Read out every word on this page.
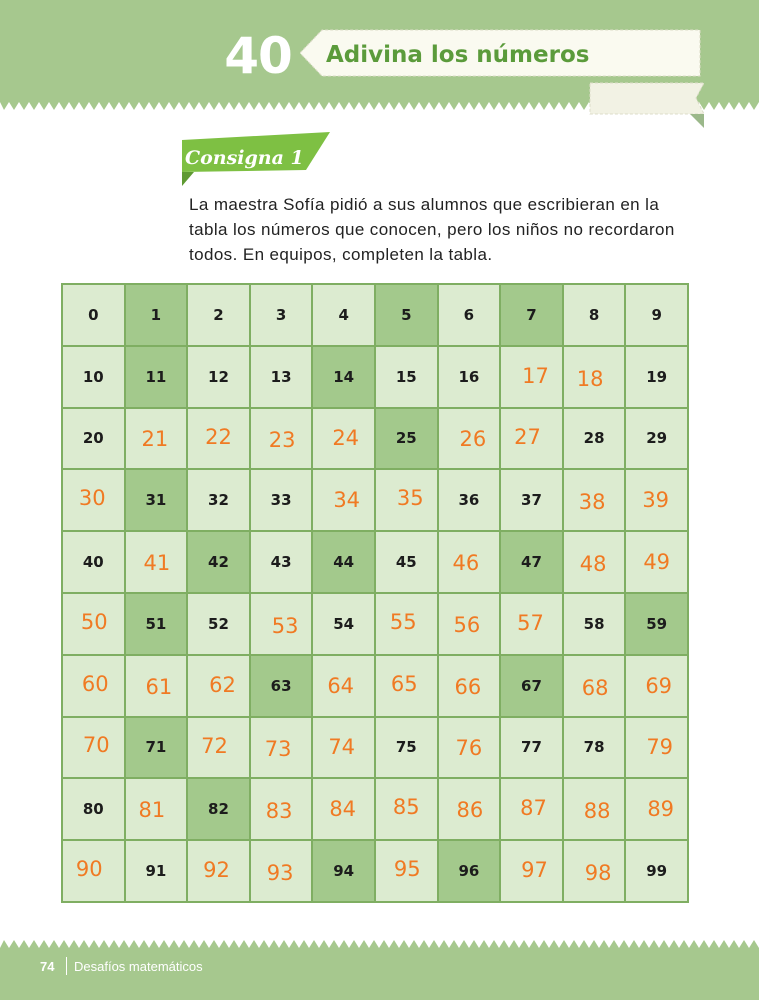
40 Adivina los números
Consigna 1

La maestra Sofía pidió a sus alumnos que escribieran en la tabla los números que conocen, pero los niños no recordaron todos. En equipos, completen la tabla.

0	1	2	3	4	5	6	7	8	9
10	11	12	13	14	15	16	17	18	19
20	21	22	23	24	25	26	27	28	29
30	31	32	33	34	35	36	37	38	39
40	41	42	43	44	45	46	47	48	49
50	51	52	53	54	55	56	57	58	59
60	61	62	63	64	65	66	67	68	69
70	71	72	73	74	75	76	77	78	79
80	81	82	83	84	85	86	87	88	89
90	91	92	93	94	95	96	97	98	99
74 Desafíos matemáticos
